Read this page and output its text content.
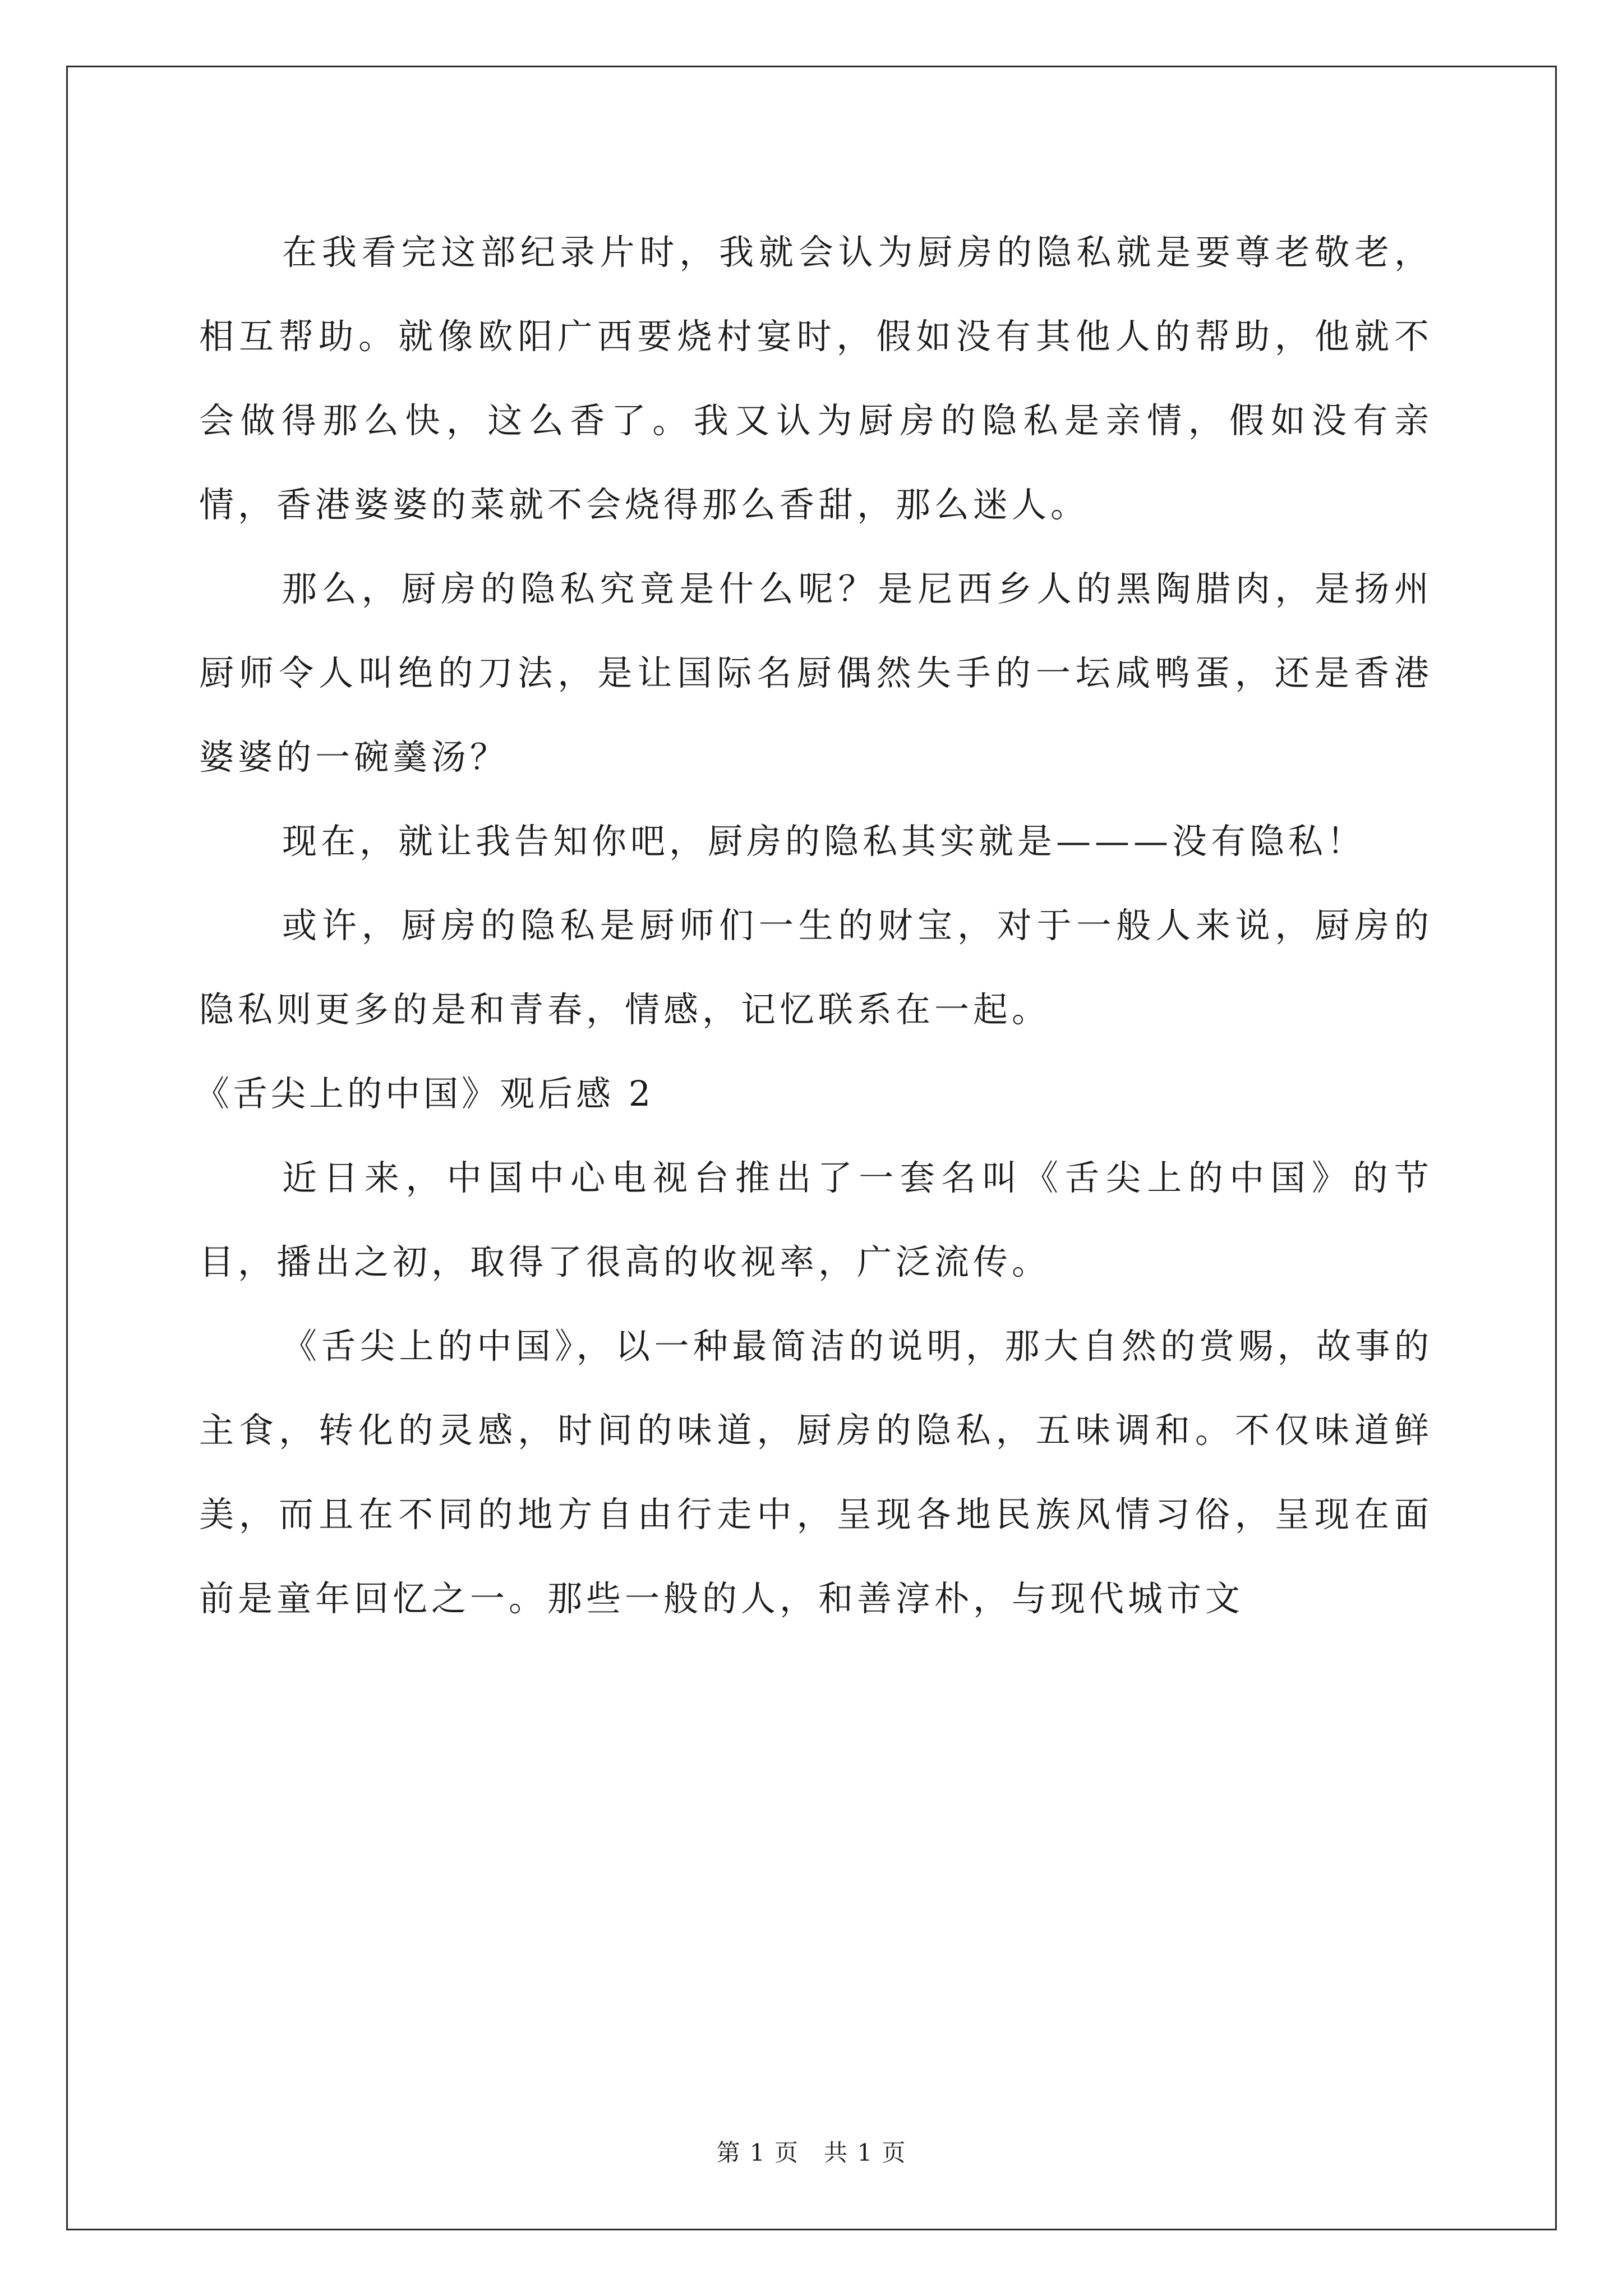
在我看完这部纪录片时，我就会认为厨房的隐私就是要尊老敬老，相互帮助。就像欧阳广西要烧村宴时，假如没有其他人的帮助，他就不会做得那么快，这么香了。我又认为厨房的隐私是亲情，假如没有亲情，香港婆婆的菜就不会烧得那么香甜，那么迷人。

那么，厨房的隐私究竟是什么呢？是尼西乡人的黑陶腊肉，是扬州厨师令人叫绝的刀法，是让国际名厨偶然失手的一坛咸鸭蛋，还是香港婆婆的一碗羹汤？

现在，就让我告知你吧，厨房的隐私其实就是———没有隐私！

或许，厨房的隐私是厨师们一生的财宝，对于一般人来说，厨房的隐私则更多的是和青春，情感，记忆联系在一起。

《舌尖上的中国》观后感 2

近日来，中国中心电视台推出了一套名叫《舌尖上的中国》的节目，播出之初，取得了很高的收视率，广泛流传。

《舌尖上的中国》，以一种最简洁的说明，那大自然的赏赐，故事的主食，转化的灵感，时间的味道，厨房的隐私，五味调和。不仅味道鲜美，而且在不同的地方自由行走中，呈现各地民族风情习俗，呈现在面前是童年回忆之一。那些一般的人，和善淳朴，与现代城市文

第 1 页 共 1 页
